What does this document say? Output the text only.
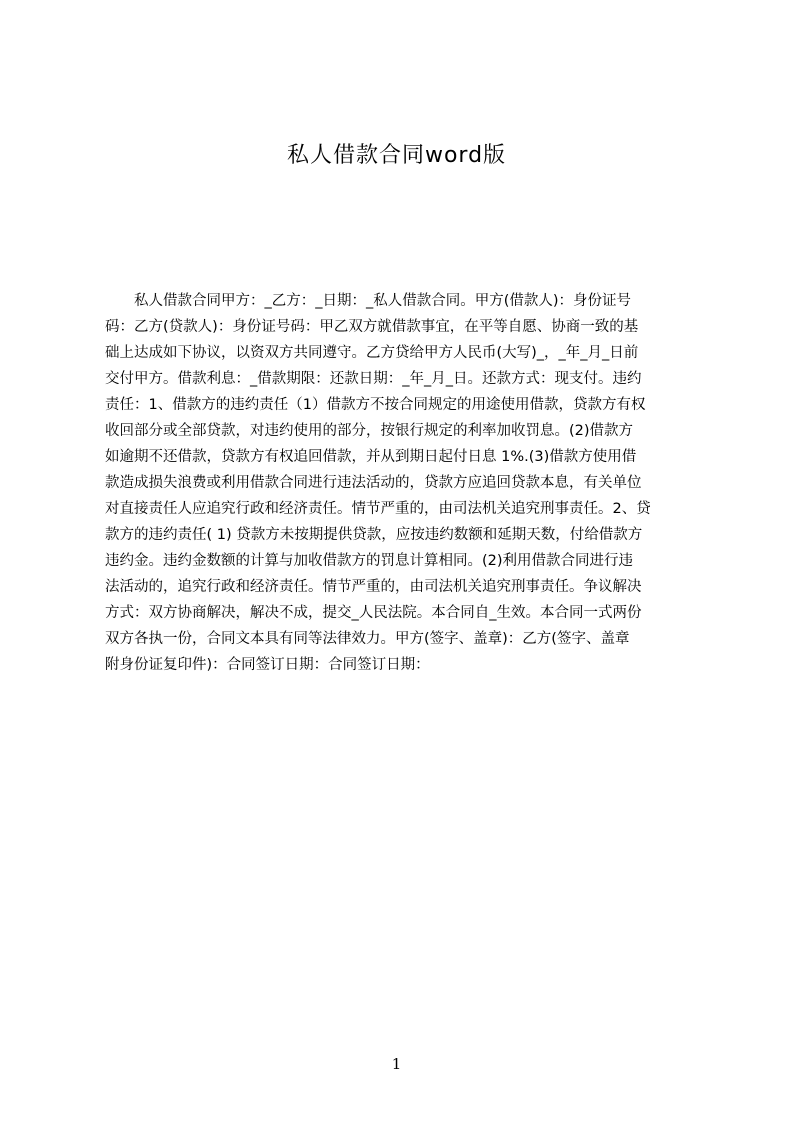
私人借款合同word版
　　私人借款合同甲方：_乙方：_日期：_私人借款合同。甲方(借款人)：身份证号
码：乙方(贷款人)：身份证号码：甲乙双方就借款事宜，在平等自愿、协商一致的基
础上达成如下协议，以资双方共同遵守。乙方贷给甲方人民币(大写)_，_年_月_日前
交付甲方。借款利息：_借款期限：还款日期：_年_月_日。还款方式：现支付。违约
责任：1、借款方的违约责任（1）借款方不按合同规定的用途使用借款，贷款方有权
收回部分或全部贷款，对违约使用的部分，按银行规定的利率加收罚息。(2)借款方
如逾期不还借款，贷款方有权追回借款，并从到期日起付日息 1%.(3)借款方使用借
款造成损失浪费或利用借款合同进行违法活动的，贷款方应追回贷款本息，有关单位
对直接责任人应追究行政和经济责任。情节严重的，由司法机关追究刑事责任。2、贷
款方的违约责任( 1) 贷款方未按期提供贷款，应按违约数额和延期天数，付给借款方
违约金。违约金数额的计算与加收借款方的罚息计算相同。(2)利用借款合同进行违
法活动的，追究行政和经济责任。情节严重的，由司法机关追究刑事责任。争议解决
方式：双方协商解决，解决不成，提交_人民法院。本合同自_生效。本合同一式两份
双方各执一份，合同文本具有同等法律效力。甲方(签字、盖章)：乙方(签字、盖章
附身份证复印件)：合同签订日期：合同签订日期：
1
